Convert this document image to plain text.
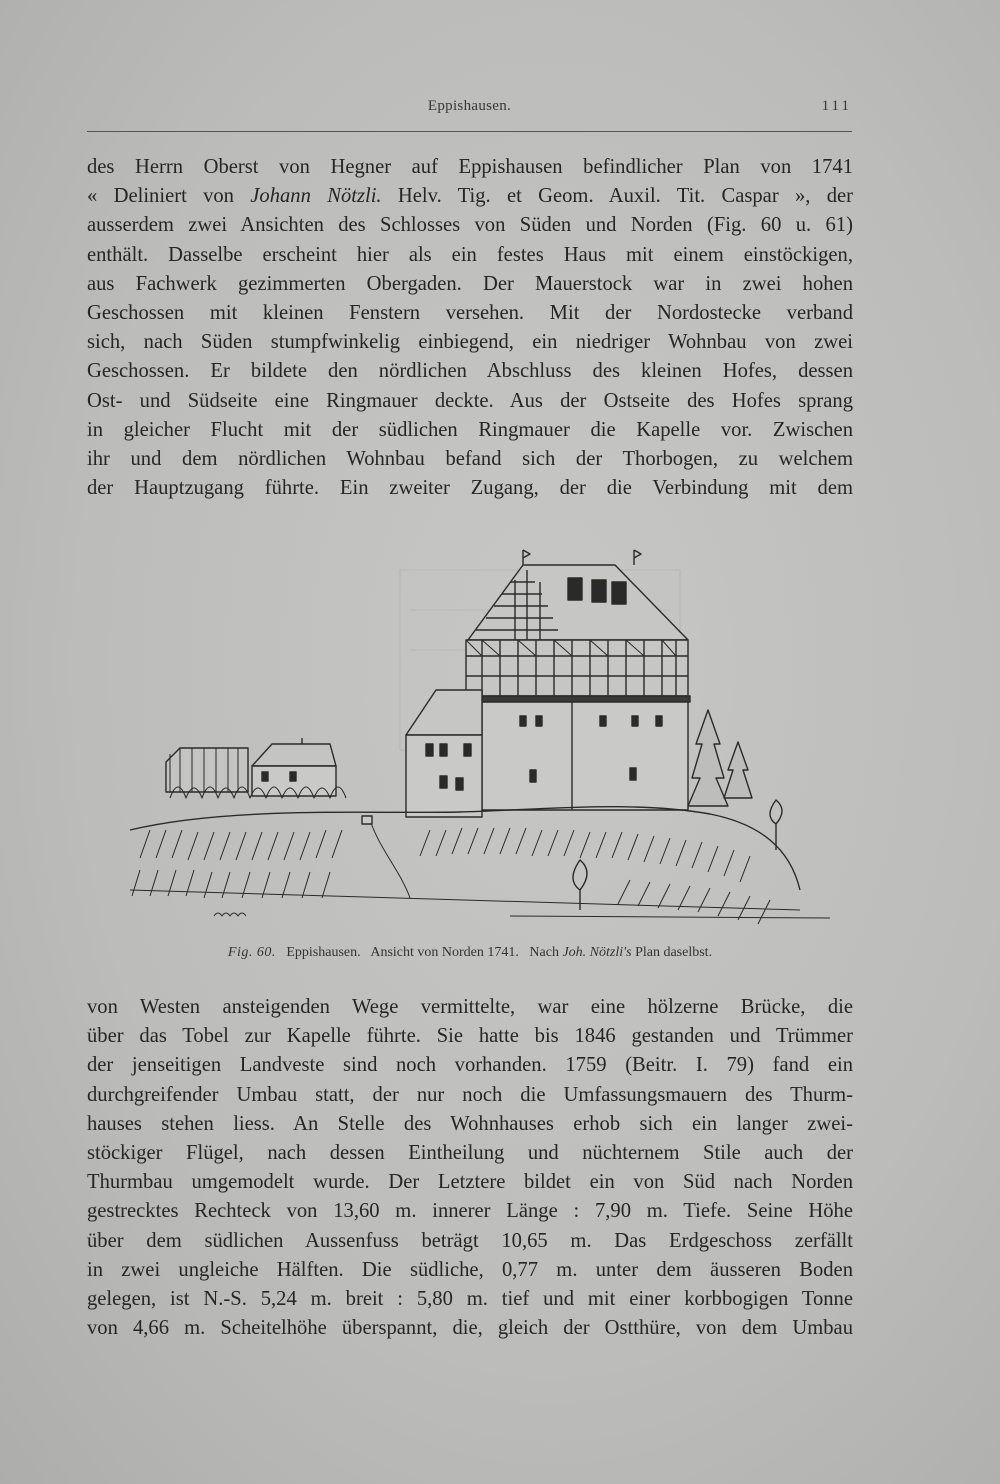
Eppishausen.	111
des Herrn Oberst von Hegner auf Eppishausen befindlicher Plan von 1741
« Deliniert von Johann Nötzli. Helv. Tig. et Geom. Auxil. Tit. Caspar », der
ausserdem zwei Ansichten des Schlosses von Süden und Norden (Fig. 60 u. 61)
enthält. Dasselbe erscheint hier als ein festes Haus mit einem einstöckigen,
aus Fachwerk gezimmerten Obergaden. Der Mauerstock war in zwei hohen
Geschossen mit kleinen Fenstern versehen. Mit der Nordostecke verband
sich, nach Süden stumpfwinkelig einbiegend, ein niedriger Wohnbau von zwei
Geschossen. Er bildete den nördlichen Abschluss des kleinen Hofes, dessen
Ost- und Südseite eine Ringmauer deckte. Aus der Ostseite des Hofes sprang
in gleicher Flucht mit der südlichen Ringmauer die Kapelle vor. Zwischen
ihr und dem nördlichen Wohnbau befand sich der Thorbogen, zu welchem
der Hauptzugang führte. Ein zweiter Zugang, der die Verbindung mit dem
Fig. 60. Eppishausen. Ansicht von Norden 1741. Nach Joh. Nötzli's Plan daselbst.
von Westen ansteigenden Wege vermittelte, war eine hölzerne Brücke, die
über das Tobel zur Kapelle führte. Sie hatte bis 1846 gestanden und Trümmer
der jenseitigen Landveste sind noch vorhanden. 1759 (Beitr. I. 79) fand ein
durchgreifender Umbau statt, der nur noch die Umfassungsmauern des Thurm-
hauses stehen liess. An Stelle des Wohnhauses erhob sich ein langer zwei-
stöckiger Flügel, nach dessen Eintheilung und nüchternem Stile auch der
Thurmbau umgemodelt wurde. Der Letztere bildet ein von Süd nach Norden
gestrecktes Rechteck von 13,60 m. innerer Länge : 7,90 m. Tiefe. Seine Höhe
über dem südlichen Aussenfuss beträgt 10,65 m. Das Erdgeschoss zerfällt
in zwei ungleiche Hälften. Die südliche, 0,77 m. unter dem äusseren Boden
gelegen, ist N.-S. 5,24 m. breit : 5,80 m. tief und mit einer korbbogigen Tonne
von 4,66 m. Scheitelhöhe überspannt, die, gleich der Ostthüre, von dem Umbau
